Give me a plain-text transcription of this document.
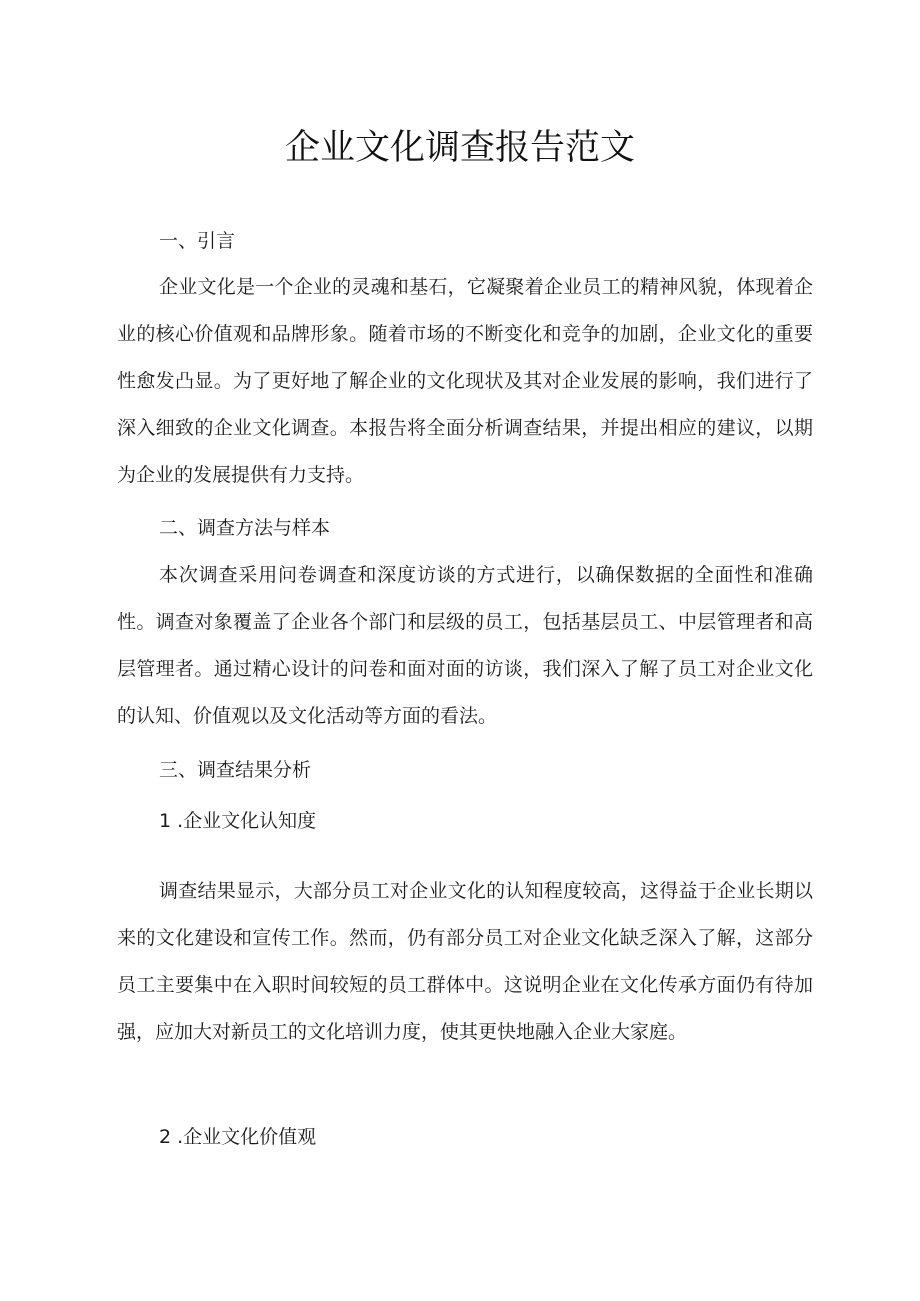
企业文化调查报告范文
一、引言
企业文化是一个企业的灵魂和基石，它凝聚着企业员工的精神风貌，体现着企业的核心价值观和品牌形象。随着市场的不断变化和竞争的加剧，企业文化的重要性愈发凸显。为了更好地了解企业的文化现状及其对企业发展的影响，我们进行了深入细致的企业文化调查。本报告将全面分析调查结果，并提出相应的建议，以期为企业的发展提供有力支持。
二、调查方法与样本
本次调查采用问卷调查和深度访谈的方式进行，以确保数据的全面性和准确性。调查对象覆盖了企业各个部门和层级的员工，包括基层员工、中层管理者和高层管理者。通过精心设计的问卷和面对面的访谈，我们深入了解了员工对企业文化的认知、价值观以及文化活动等方面的看法。
三、调查结果分析
1 .企业文化认知度
调查结果显示，大部分员工对企业文化的认知程度较高，这得益于企业长期以来的文化建设和宣传工作。然而，仍有部分员工对企业文化缺乏深入了解，这部分员工主要集中在入职时间较短的员工群体中。这说明企业在文化传承方面仍有待加强，应加大对新员工的文化培训力度，使其更快地融入企业大家庭。
2 .企业文化价值观
